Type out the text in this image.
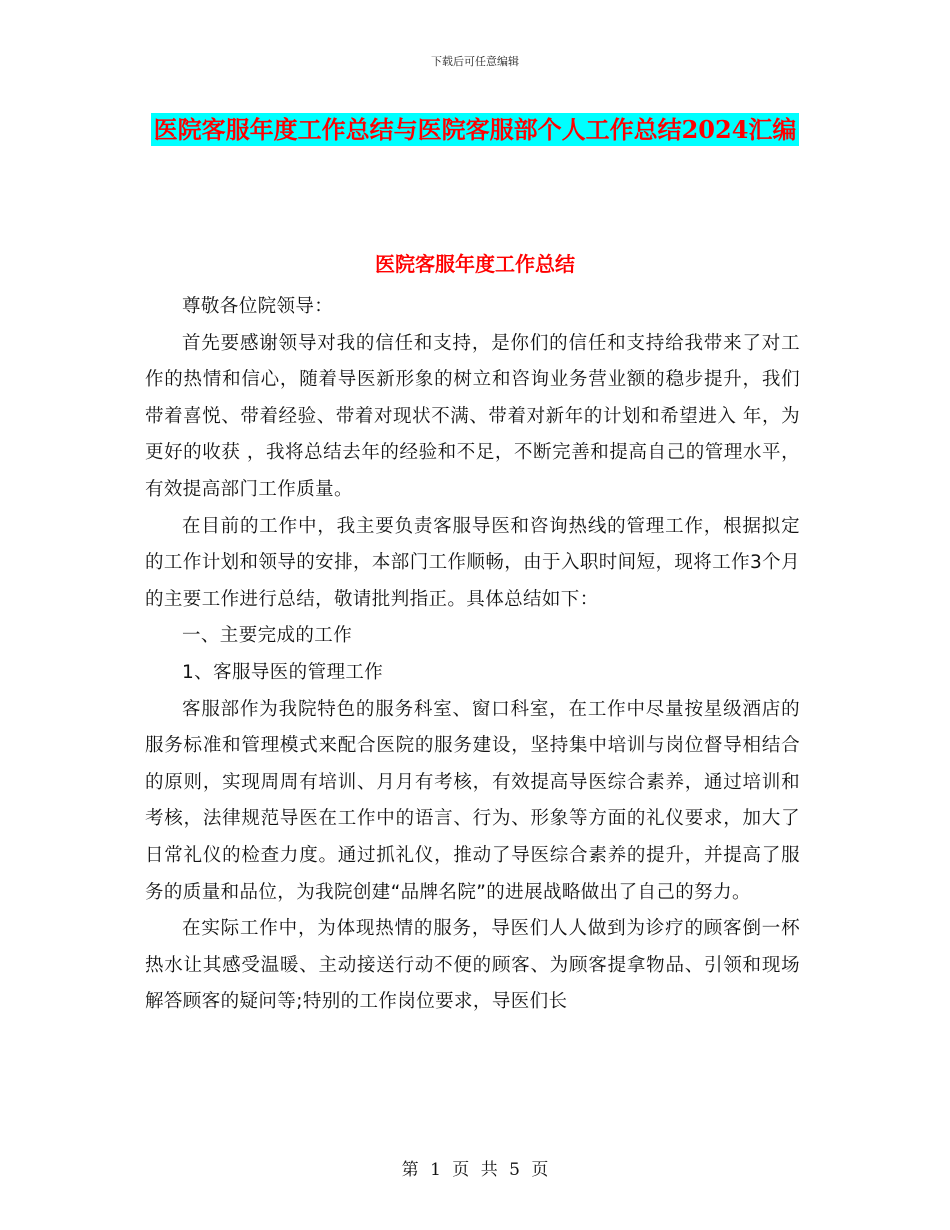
下载后可任意编辑
医院客服年度工作总结与医院客服部个人工作总结2024汇编
医院客服年度工作总结

尊敬各位院领导：

首先要感谢领导对我的信任和支持，是你们的信任和支持给我带来了对工作的热情和信心，随着导医新形象的树立和咨询业务营业额的稳步提升，我们带着喜悦、带着经验、带着对现状不满、带着对新年的计划和希望进入 年，为更好的收获 ，我将总结去年的经验和不足，不断完善和提高自己的管理水平，有效提高部门工作质量。

在目前的工作中，我主要负责客服导医和咨询热线的管理工作，根据拟定的工作计划和领导的安排，本部门工作顺畅，由于入职时间短，现将工作3个月的主要工作进行总结，敬请批判指正。具体总结如下：

一、主要完成的工作

1、客服导医的管理工作

客服部作为我院特色的服务科室、窗口科室，在工作中尽量按星级酒店的服务标准和管理模式来配合医院的服务建设，坚持集中培训与岗位督导相结合的原则，实现周周有培训、月月有考核，有效提高导医综合素养，通过培训和考核，法律规范导医在工作中的语言、行为、形象等方面的礼仪要求，加大了日常礼仪的检查力度。通过抓礼仪，推动了导医综合素养的提升，并提高了服务的质量和品位，为我院创建“品牌名院”的进展战略做出了自己的努力。

在实际工作中，为体现热情的服务，导医们人人做到为诊疗的顾客倒一杯热水让其感受温暖、主动接送行动不便的顾客、为顾客提拿物品、引领和现场解答顾客的疑问等;特别的工作岗位要求，导医们长

第 1 页 共 5 页
